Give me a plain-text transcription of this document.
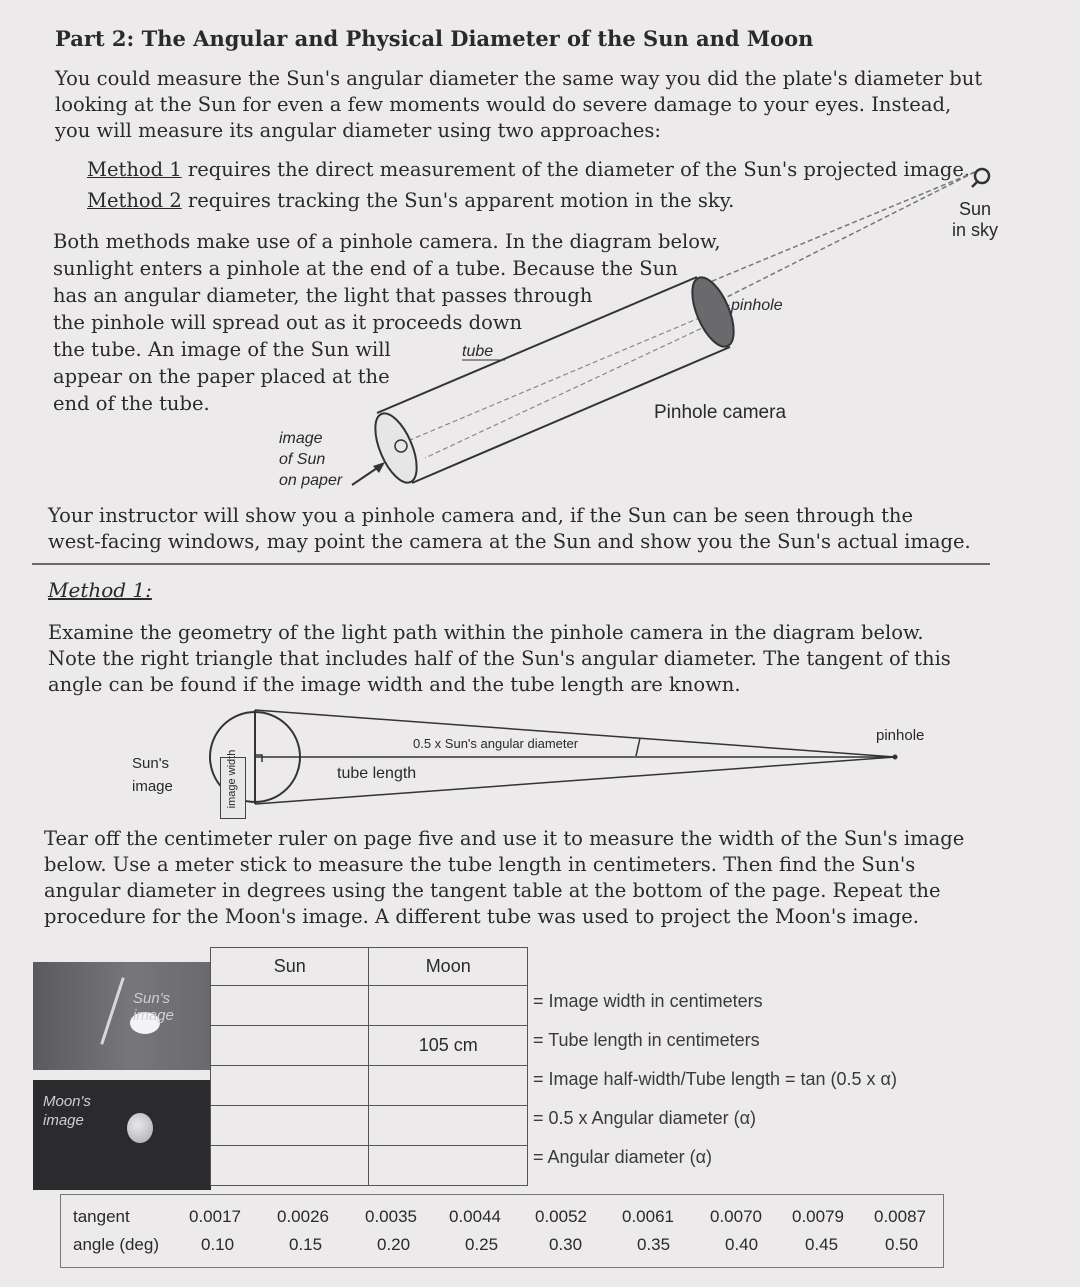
Part 2: The Angular and Physical Diameter of the Sun and Moon
You could measure the Sun's angular diameter the same way you did the plate's diameter but
looking at the Sun for even a few moments would do severe damage to your eyes. Instead,
you will measure its angular diameter using two approaches:
Method 1 requires the direct measurement of the diameter of the Sun's projected image.
Method 2 requires tracking the Sun's apparent motion in the sky.
Both methods make use of a pinhole camera. In the diagram below,
sunlight enters a pinhole at the end of a tube. Because the Sun
has an angular diameter, the light that passes through
the pinhole will spread out as it proceeds down
the tube. An image of the Sun will
appear on the paper placed at the
end of the tube.
Sun
in sky
pinhole
tube
Pinhole camera
image
of Sun
on paper
Your instructor will show you a pinhole camera and, if the Sun can be seen through the
west-facing windows, may point the camera at the Sun and show you the Sun's actual image.
Method 1:
Examine the geometry of the light path within the pinhole camera in the diagram below.
Note the right triangle that includes half of the Sun's angular diameter. The tangent of this
angle can be found if the image width and the tube length are known.
Sun's
image	image width
0.5 x Sun's angular diameter
tube length
pinhole
Tear off the centimeter ruler on page five and use it to measure the width of the Sun's image
below. Use a meter stick to measure the tube length in centimeters. Then find the Sun's
angular diameter in degrees using the tangent table at the bottom of the page. Repeat the
procedure for the Moon's image. A different tube was used to project the Moon's image.
Sun's
image
Moon's
image
Sun	Moon

	105 cm

= Image width in centimeters
= Tube length in centimeters
= Image half-width/Tube length = tan (0.5 x α)
= 0.5 x Angular diameter (α)
= Angular diameter (α)
tangent	0.0017	0.0026	0.0035	0.0044	0.0052	0.0061	0.0070	0.0079	0.0087
angle (deg)	0.10	0.15	0.20	0.25	0.30	0.35	0.40	0.45	0.50
